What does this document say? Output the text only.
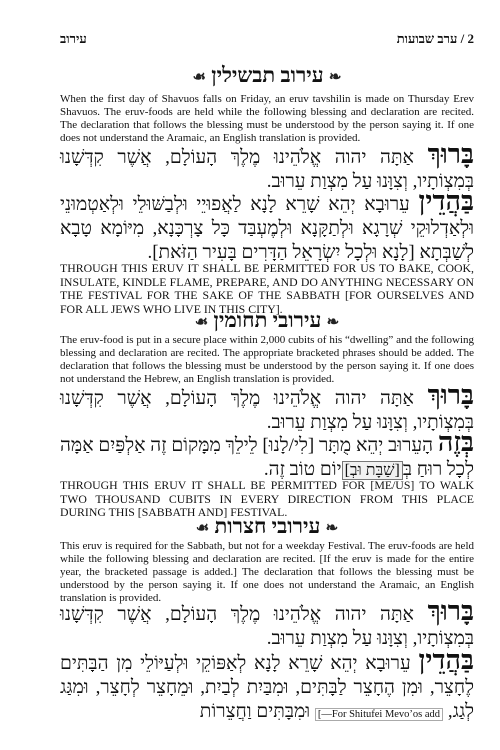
עירוב	2 / ערב שבועות
❧ עירוב תבשילין ☙
When the first day of Shavuos falls on Friday, an eruv tavshilin is made on Thursday Erev Shavuos. The eruv-foods are held while the following blessing and declaration are recited. The declaration that follows the blessing must be understood by the person saying it. If one does not understand the Aramaic, an English translation is provided.
בָּרוּךְ אַתָּה יהוה אֱלֹהֵינוּ מֶלֶךְ הָעוֹלָם, אֲשֶׁר קִדְּשָׁנוּ בְּמִצְוֹתָיו, וְצִוָּנוּ עַל מִצְוַת עֵרוּב.
בַּהֲדֵין עֵרוּבָא יְהֵא שָׁרֵא לָנָא לַאֲפוּיֵי וּלְבַשּׁוּלֵי וּלְאַטְמוּנֵי וּלְאַדְלוּקֵי שְׁרָגָא וּלְתַקָּנָא וּלְמֶעְבַּד כָּל צָרְכָּנָא, מִיּוֹמָא טָבָא לְשַׁבְּתָא [לָנָא וּלְכָל יִשְׂרָאֵל הַדָּרִים בָּעִיר הַזֹּאת].
THROUGH THIS ERUV IT SHALL BE PERMITTED FOR US TO BAKE, COOK, INSULATE, KINDLE FLAME, PREPARE, AND DO ANYTHING NECESSARY ON THE FESTIVAL FOR THE SAKE OF THE SABBATH [FOR OURSELVES AND FOR ALL JEWS WHO LIVE IN THIS CITY].
❧ עירובי תחומין ☙
The eruv-food is put in a secure place within 2,000 cubits of his “dwelling” and the following blessing and declaration are recited. The appropriate bracketed phrases should be added. The declaration that follows the blessing must be understood by the person saying it. If one does not understand the Hebrew, an English translation is provided.
בָּרוּךְ אַתָּה יהוה אֱלֹהֵינוּ מֶלֶךְ הָעוֹלָם, אֲשֶׁר קִדְּשָׁנוּ בְּמִצְוֹתָיו, וְצִוָּנוּ עַל מִצְוַת עֵרוּב.
בְּזֶה הָעֵרוּב יְהֵא מֻתָּר [לִי/לָנוּ] לֵילֵךְ מִמָּקוֹם זֶה אַלְפַּיִם אַמָּה לְכָל רוּחַ בְּ[שַׁבָּת וּבְ]יוֹם טוֹב זֶה.
THROUGH THIS ERUV IT SHALL BE PERMITTED FOR [ME/US] TO WALK TWO THOUSAND CUBITS IN EVERY DIRECTION FROM THIS PLACE DURING THIS [SABBATH AND] FESTIVAL.
❧ עירובי חצרות ☙
This eruv is required for the Sabbath, but not for a weekday Festival. The eruv-foods are held while the following blessing and declaration are recited. [If the eruv is made for the entire year, the bracketed passage is added.] The declaration that follows the blessing must be understood by the person saying it. If one does not understand the Aramaic, an English translation is provided.	בָּרוּךְ אַתָּה יהוה אֱלֹהֵינוּ מֶלֶךְ הָעוֹלָם, אֲשֶׁר קִדְּשָׁנוּ בְּמִצְוֹתָיו, וְצִוָּנוּ עַל מִצְוַת עֵרוּב.
בַּהֲדֵין עֵרוּבָא יְהֵא שָׁרֵא לָנָא לְאַפּוֹקֵי וּלְעַיּוֹלֵי מִן הַבָּתִּים לֶחָצֵר, וּמִן הֶחָצֵר לַבָּתִּים, וּמִבַּיִת לְבַיִת, וּמֵחָצֵר לְחָצֵר, וּמִגַּג לְגַג, [—For Shitufei Mevo’os add וּמִבָּתִּים וַחֲצֵרוֹת
